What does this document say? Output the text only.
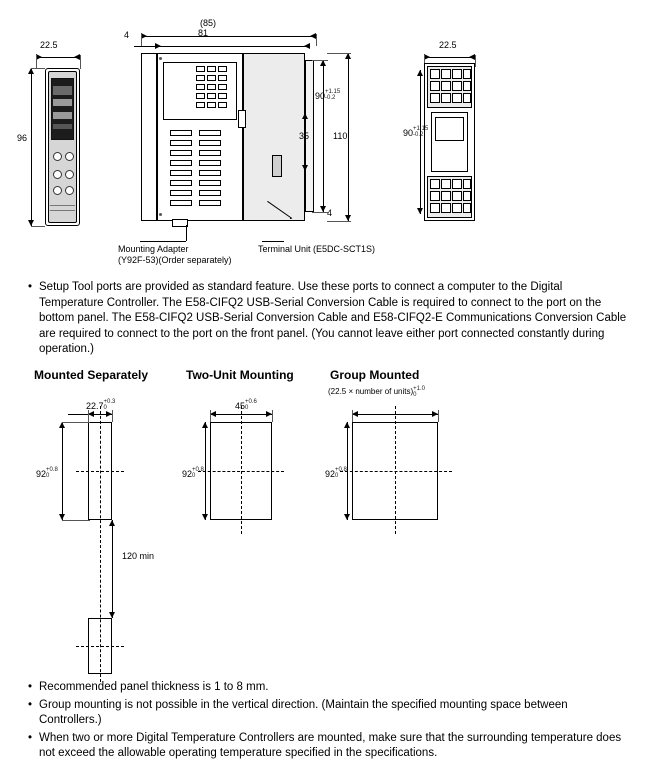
22.5
96
(85)
81
4
35
90+1.15
-0.2
110
4
Mounting Adapter
(Y92F-53)(Order separately)
Terminal Unit (E5DC-SCT1S)
22.5
90+1.15
-0.2
• Setup Tool ports are provided as standard feature. Use these ports to connect a computer to the Digital Temperature Controller. The E58-CIFQ2 USB-Serial Conversion Cable is required to connect to the port on the bottom panel. The E58-CIFQ2 USB-Serial Conversion Cable and E58-CIFQ2-E Communications Conversion Cable are required to connect to the port on the front panel. (You cannot leave either port connected constantly during operation.)
Mounted Separately	Two-Unit Mounting	Group Mounted
22.7+0.3
0
92+0.8
0
120 min
45+0.6
0
92+0.8
0
(22.5 × number of units)+1.0
0
92+0.8
0
• Recommended panel thickness is 1 to 8 mm.
• Group mounting is not possible in the vertical direction. (Maintain the specified mounting space between Controllers.)
• When two or more Digital Temperature Controllers are mounted, make sure that the surrounding temperature does not exceed the allowable operating temperature specified in the specifications.
